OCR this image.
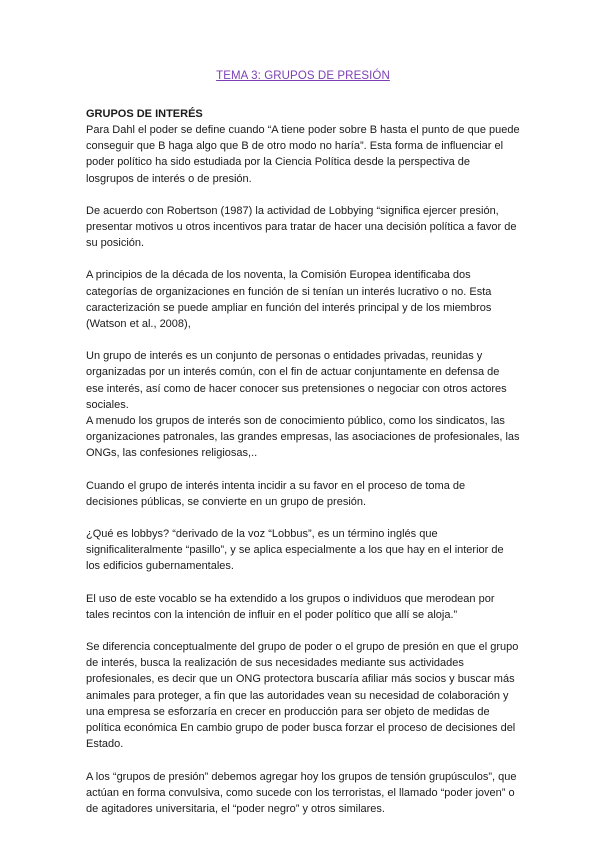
TEMA 3: GRUPOS DE PRESIÓN
GRUPOS DE INTERÉS

Para Dahl el poder se define cuando “A tiene poder sobre B hasta el punto de que puede conseguir que B haga algo que B de otro modo no haría”. Esta forma de influenciar el poder político ha sido estudiada por la Ciencia Política desde la perspectiva de losgrupos de interés o de presión.

De acuerdo con Robertson (1987) la actividad de Lobbying “significa ejercer presión, presentar motivos u otros incentivos para tratar de hacer una decisión política a favor de su posición.

A principios de la década de los noventa, la Comisión Europea identificaba dos categorías de organizaciones en función de si tenían un interés lucrativo o no. Esta caracterización se puede ampliar en función del interés principal y de los miembros (Watson et al., 2008),

Un grupo de interés es un conjunto de personas o entidades privadas, reunidas y organizadas por un interés común, con el fin de actuar conjuntamente en defensa de ese interés, así como de hacer conocer sus pretensiones o negociar con otros actores sociales.

A menudo los grupos de interés son de conocimiento público, como los sindicatos, las organizaciones patronales, las grandes empresas, las asociaciones de profesionales, las ONGs, las confesiones religiosas,..

Cuando el grupo de interés intenta incidir a su favor en el proceso de toma de decisiones públicas, se convierte en un grupo de presión.

¿Qué es lobbys? “derivado de la voz “Lobbus”, es un término inglés que significaliteralmente “pasillo”, y se aplica especialmente a los que hay en el interior de los edificios gubernamentales.

El uso de este vocablo se ha extendido a los grupos o individuos que merodean por tales recintos con la intención de influir en el poder político que allí se aloja.”

Se diferencia conceptualmente del grupo de poder o el grupo de presión en que el grupo de interés, busca la realización de sus necesidades mediante sus actividades profesionales, es decir que un ONG protectora buscaría afiliar más socios y buscar más animales para proteger, a fin que las autoridades vean su necesidad de colaboración y una empresa se esforzaría en crecer en producción para ser objeto de medidas de política económica En cambio grupo de poder busca forzar el proceso de decisiones del Estado.

A los “grupos de presión” debemos agregar hoy los grupos de tensión grupúsculos”, que actúan en forma convulsiva, como sucede con los terroristas, el llamado “poder joven” o de agitadores universitaria, el “poder negro” y otros similares.
